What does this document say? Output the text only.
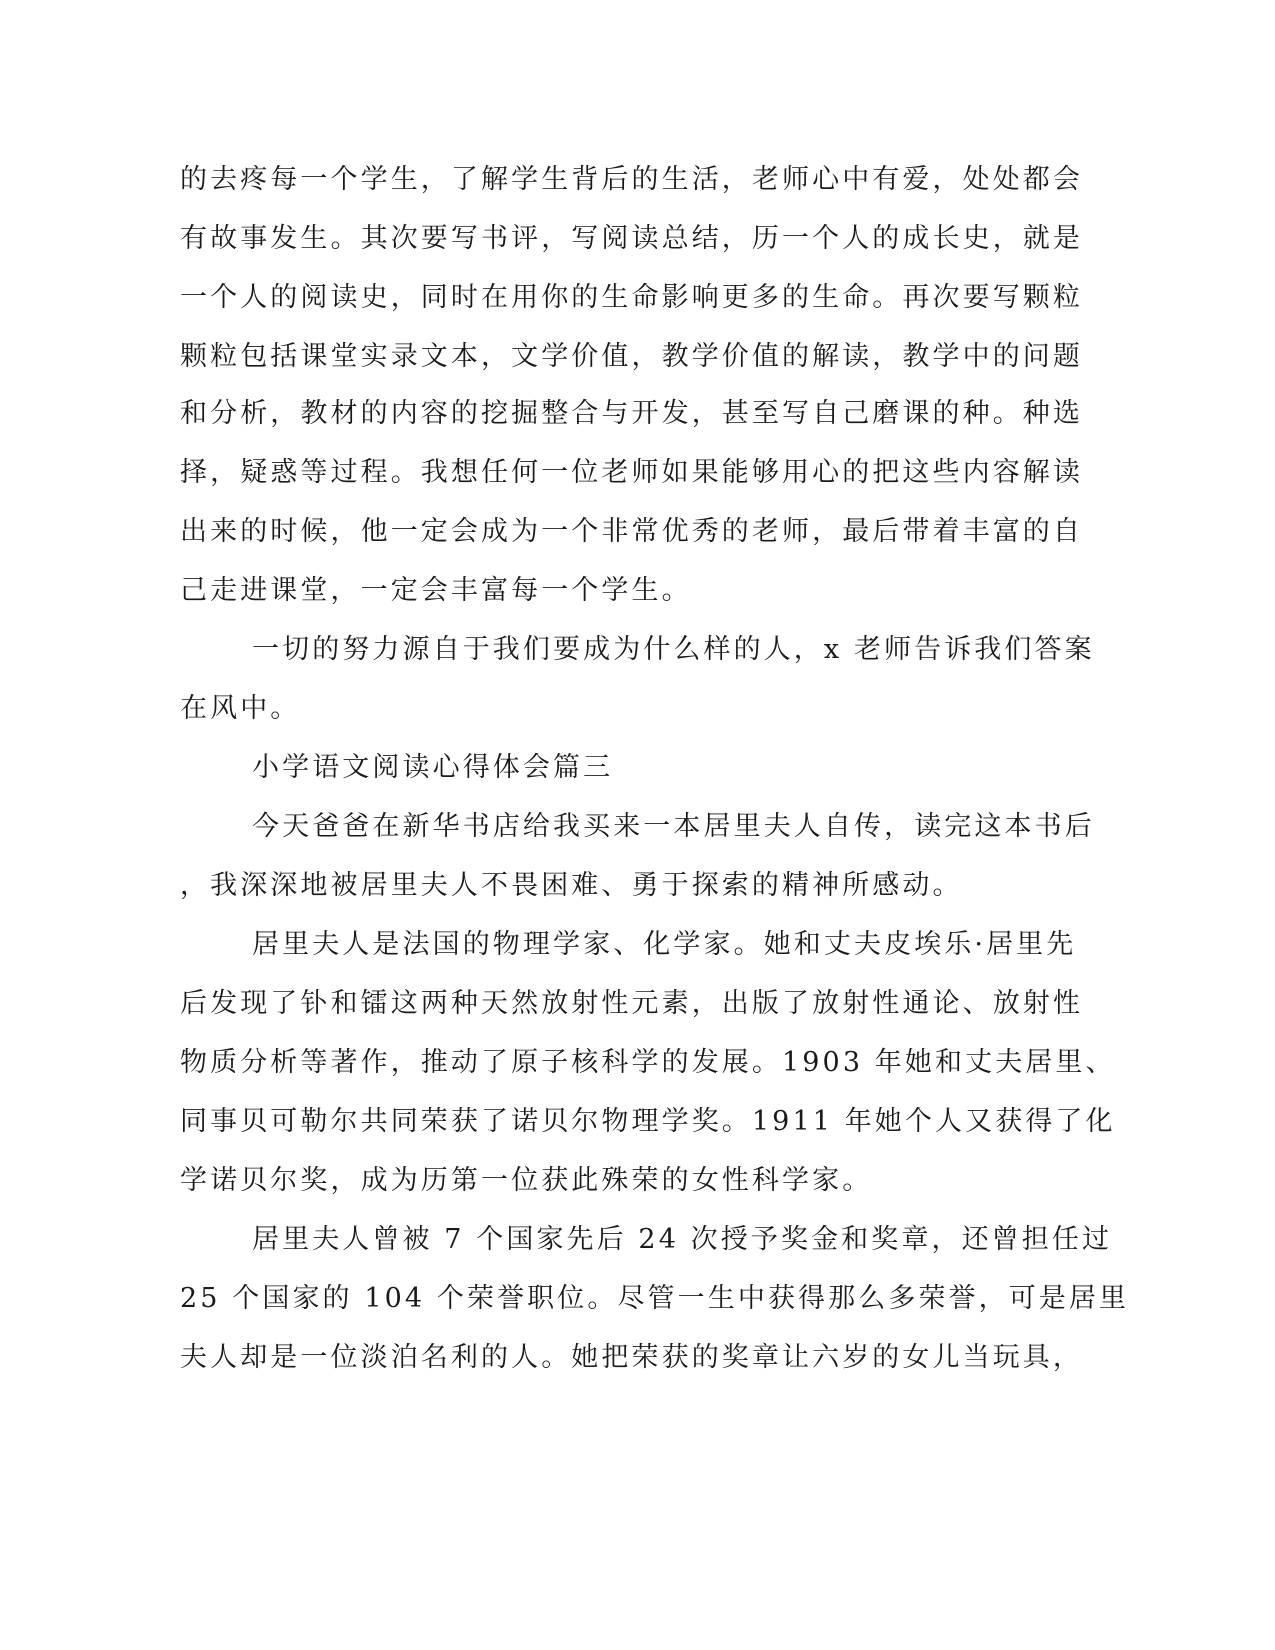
的去疼每一个学生，了解学生背后的生活，老师心中有爱，处处都会
有故事发生。其次要写书评，写阅读总结，历一个人的成长史，就是
一个人的阅读史，同时在用你的生命影响更多的生命。再次要写颗粒
颗粒包括课堂实录文本，文学价值，教学价值的解读，教学中的问题
和分析，教材的内容的挖掘整合与开发，甚至写自己磨课的种。种选
择，疑惑等过程。我想任何一位老师如果能够用心的把这些内容解读
出来的时候，他一定会成为一个非常优秀的老师，最后带着丰富的自
己走进课堂，一定会丰富每一个学生。
一切的努力源自于我们要成为什么样的人，x 老师告诉我们答案
在风中。
小学语文阅读心得体会篇三
今天爸爸在新华书店给我买来一本居里夫人自传，读完这本书后
，我深深地被居里夫人不畏困难、勇于探索的精神所感动。
居里夫人是法国的物理学家、化学家。她和丈夫皮埃乐·居里先
后发现了钋和镭这两种天然放射性元素，出版了放射性通论、放射性
物质分析等著作，推动了原子核科学的发展。1903 年她和丈夫居里、
同事贝可勒尔共同荣获了诺贝尔物理学奖。1911 年她个人又获得了化
学诺贝尔奖，成为历第一位获此殊荣的女性科学家。
居里夫人曾被 7 个国家先后 24 次授予奖金和奖章，还曾担任过
25 个国家的 104 个荣誉职位。尽管一生中获得那么多荣誉，可是居里
夫人却是一位淡泊名利的人。她把荣获的奖章让六岁的女儿当玩具，
